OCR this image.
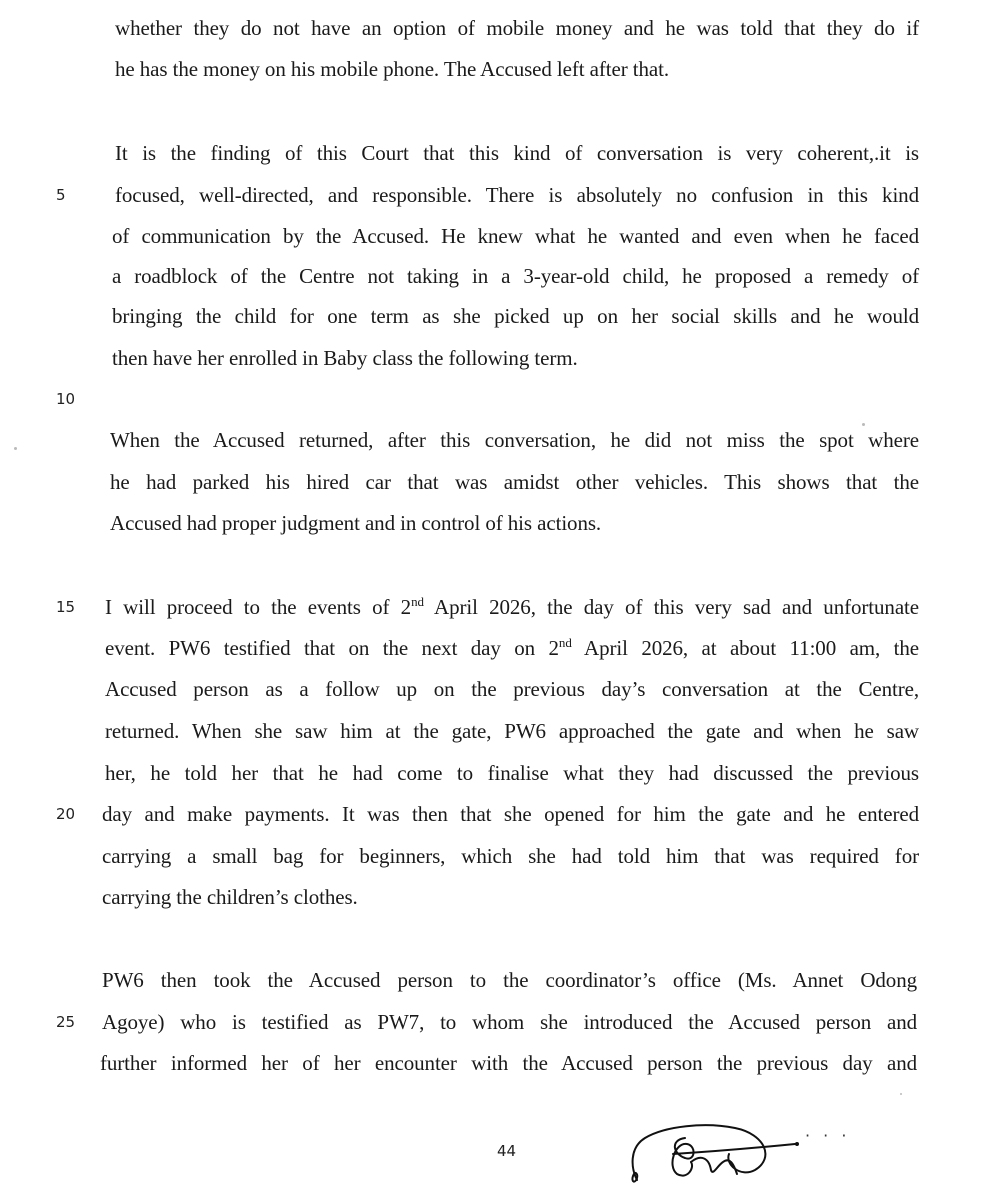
whether they do not have an option of mobile money and he was told that they do if
he has the money on his mobile phone. The Accused left after that.
It is the finding of this Court that this kind of conversation is very coherent,.it is
5	focused, well-directed, and responsible. There is absolutely no confusion in this kind
of communication by the Accused. He knew what he wanted and even when he faced
a roadblock of the Centre not taking in a 3-year-old child, he proposed a remedy of
bringing the child for one term as she picked up on her social skills and he would
then have her enrolled in Baby class the following term.
10
When the Accused returned, after this conversation, he did not miss the spot where
he had parked his hired car that was amidst other vehicles. This shows that the
Accused had proper judgment and in control of his actions.
15	I will proceed to the events of 2nd April 2026, the day of this very sad and unfortunate
event. PW6 testified that on the next day on 2nd April 2026, at about 11:00 am, the
Accused person as a follow up on the previous day’s conversation at the Centre,
returned. When she saw him at the gate, PW6 approached the gate and when he saw
her, he told her that he had come to finalise what they had discussed the previous
20	day and make payments. It was then that she opened for him the gate and he entered
carrying a small bag for beginners, which she had told him that was required for
carrying the children’s clothes.
PW6 then took the Accused person to the coordinator’s office (Ms. Annet Odong
25	Agoye) who is testified as PW7, to whom she introduced the Accused person and
further informed her of her encounter with the Accused person the previous day and
44
· · ·
